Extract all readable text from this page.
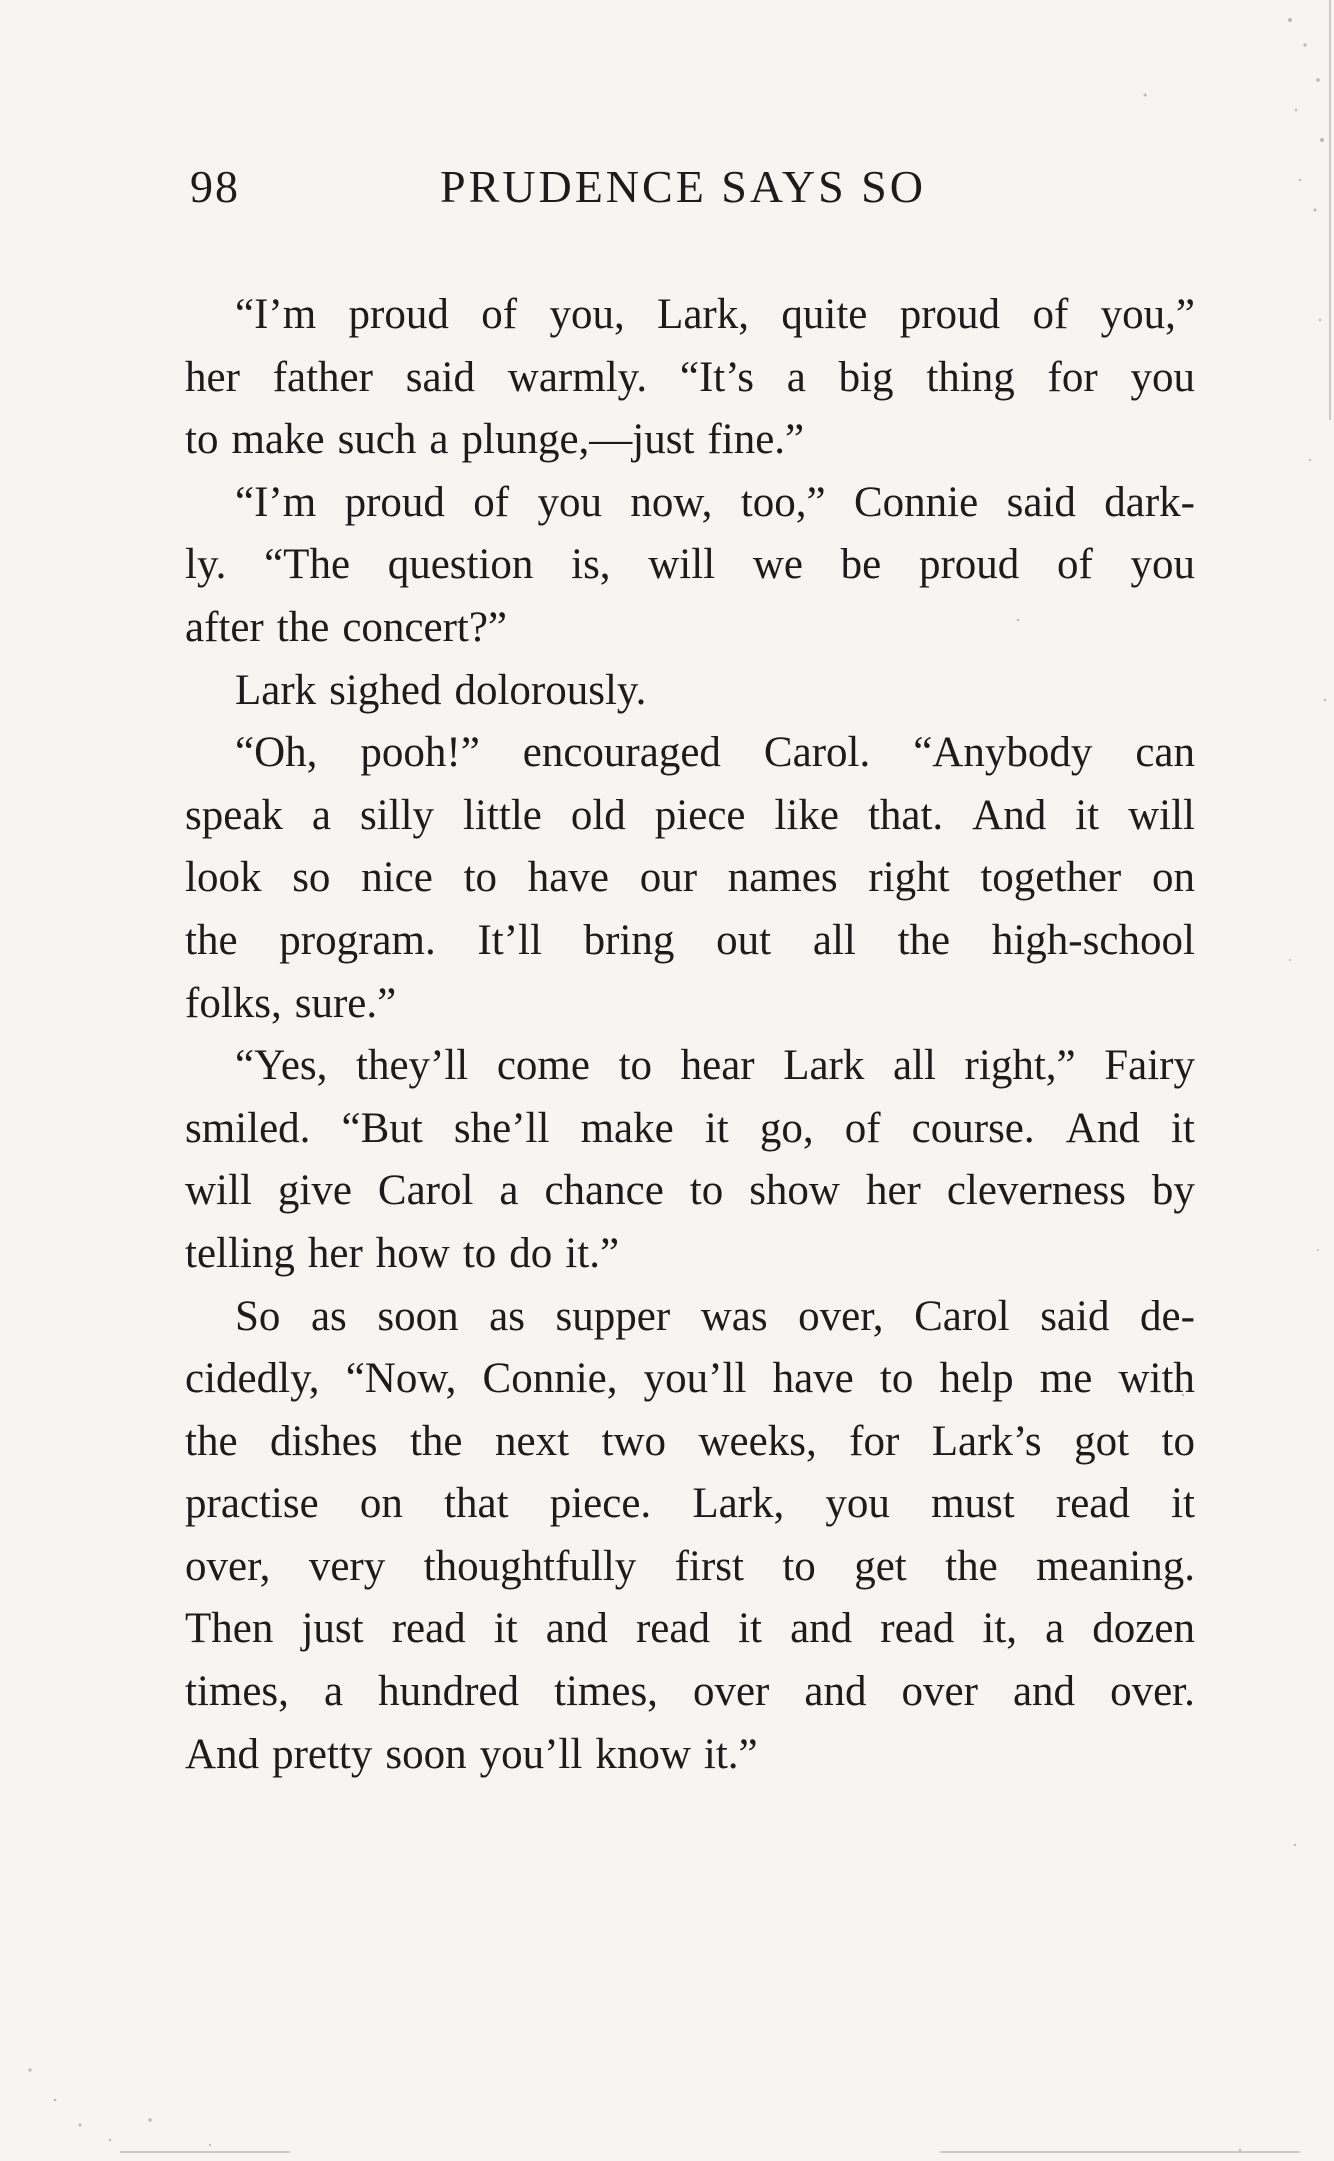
98	PRUDENCE SAYS SO
“I’m proud of you, Lark, quite proud of you,”
her father said warmly. “It’s a big thing for you
to make such a plunge,—just fine.”
“I’m proud of you now, too,” Connie said dark-
ly. “The question is, will we be proud of you
after the concert?”
Lark sighed dolorously.
“Oh, pooh!” encouraged Carol. “Anybody can
speak a silly little old piece like that. And it will
look so nice to have our names right together on
the program. It’ll bring out all the high-school
folks, sure.”
“Yes, they’ll come to hear Lark all right,” Fairy
smiled. “But she’ll make it go, of course. And it
will give Carol a chance to show her cleverness by
telling her how to do it.”
So as soon as supper was over, Carol said de-
cidedly, “Now, Connie, you’ll have to help me with
the dishes the next two weeks, for Lark’s got to
practise on that piece. Lark, you must read it
over, very thoughtfully first to get the meaning.
Then just read it and read it and read it, a dozen
times, a hundred times, over and over and over.
And pretty soon you’ll know it.”
